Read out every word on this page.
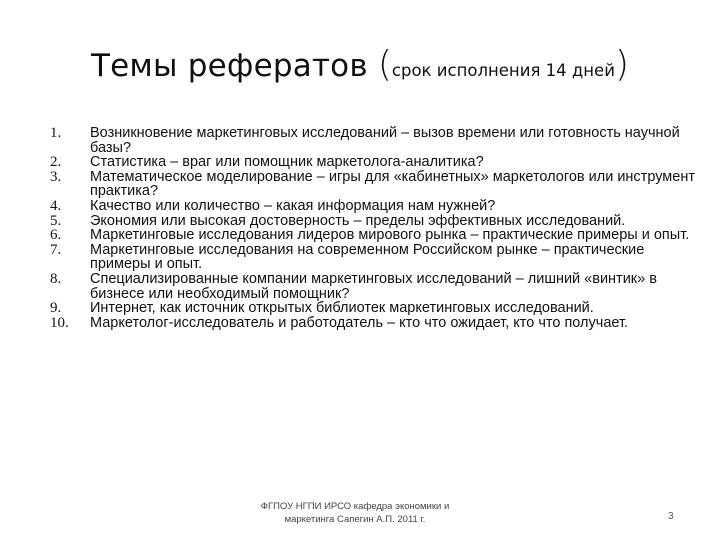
Темы рефератов (срок исполнения 14 дней)
1.	Возникновение маркетинговых исследований – вызов времени или готовность научной базы?
2.	Статистика – враг или помощник маркетолога-аналитика?
3.	Математическое моделирование – игры для «кабинетных» маркетологов или инструмент практика?
4.	Качество или количество – какая информация нам нужней?
5.	Экономия или высокая достоверность – пределы эффективных исследований.
6.	Маркетинговые исследования лидеров мирового рынка – практические примеры и опыт.
7.	Маркетинговые исследования на современном Российском рынке – практические примеры и опыт.
8.	Специализированные компании маркетинговых исследований – лишний «винтик» в бизнесе или необходимый помощник?
9.	Интернет, как источник открытых библиотек маркетинговых исследований.
10.	Маркетолог-исследователь и работодатель – кто что ожидает, кто что получает.
ФГПОУ НГПИ ИРСО кафедра экономики и
маркетинга Сапегин А.П. 2011 г.	3
